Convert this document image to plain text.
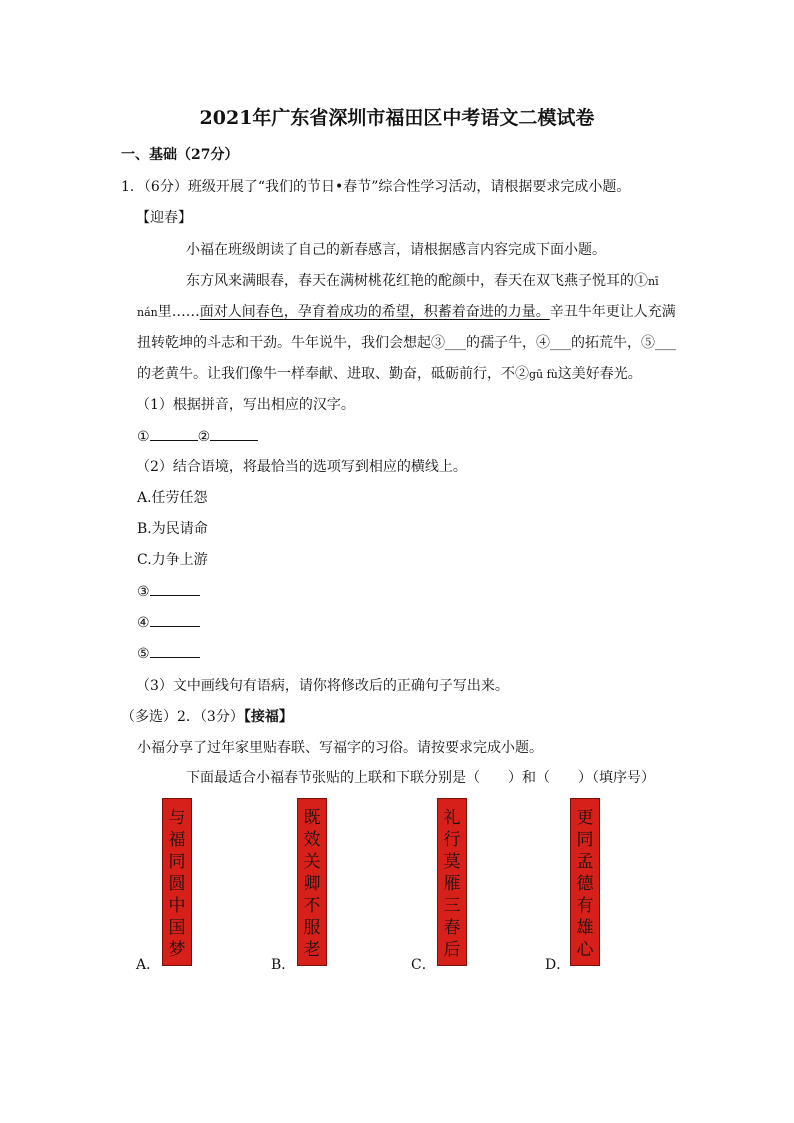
2021年广东省深圳市福田区中考语文二模试卷
一、基础（27分）
1．（6分）班级开展了“我们的节日•春节”综合性学习活动，请根据要求完成小题。
【迎春】
小福在班级朗读了自己的新春感言，请根据感言内容完成下面小题。
东方风来满眼春，春天在满树桃花红艳的酡颜中，春天在双飞燕子悦耳的①nī
nán里……面对人间春色，孕育着成功的希望，积蓄着奋进的力量。辛丑牛年更让人充满
扭转乾坤的斗志和干劲。牛年说牛，我们会想起③___的孺子牛，④___的拓荒牛，⑤___
的老黄牛。让我们像牛一样奉献、进取、勤奋，砥砺前行，不②gū fù这美好春光。
（1）根据拼音，写出相应的汉字。
①	②
（2）结合语境，将最恰当的选项写到相应的横线上。
A.任劳任怨
B.为民请命
C.力争上游
③
④
⑤
（3）文中画线句有语病，请你将修改后的正确句子写出来。
（多选）2．（3分）【接福】
小福分享了过年家里贴春联、写福字的习俗。请按要求完成小题。
下面最适合小福春节张贴的上联和下联分别是（　　）和（　　）（填序号）
与
福
同
圆
中
国
梦
A．
既
效
关
卿
不
服
老
B．
礼
行
莫
雁
三
春
后
C．
更
同
孟
德
有
雄
心
D．
